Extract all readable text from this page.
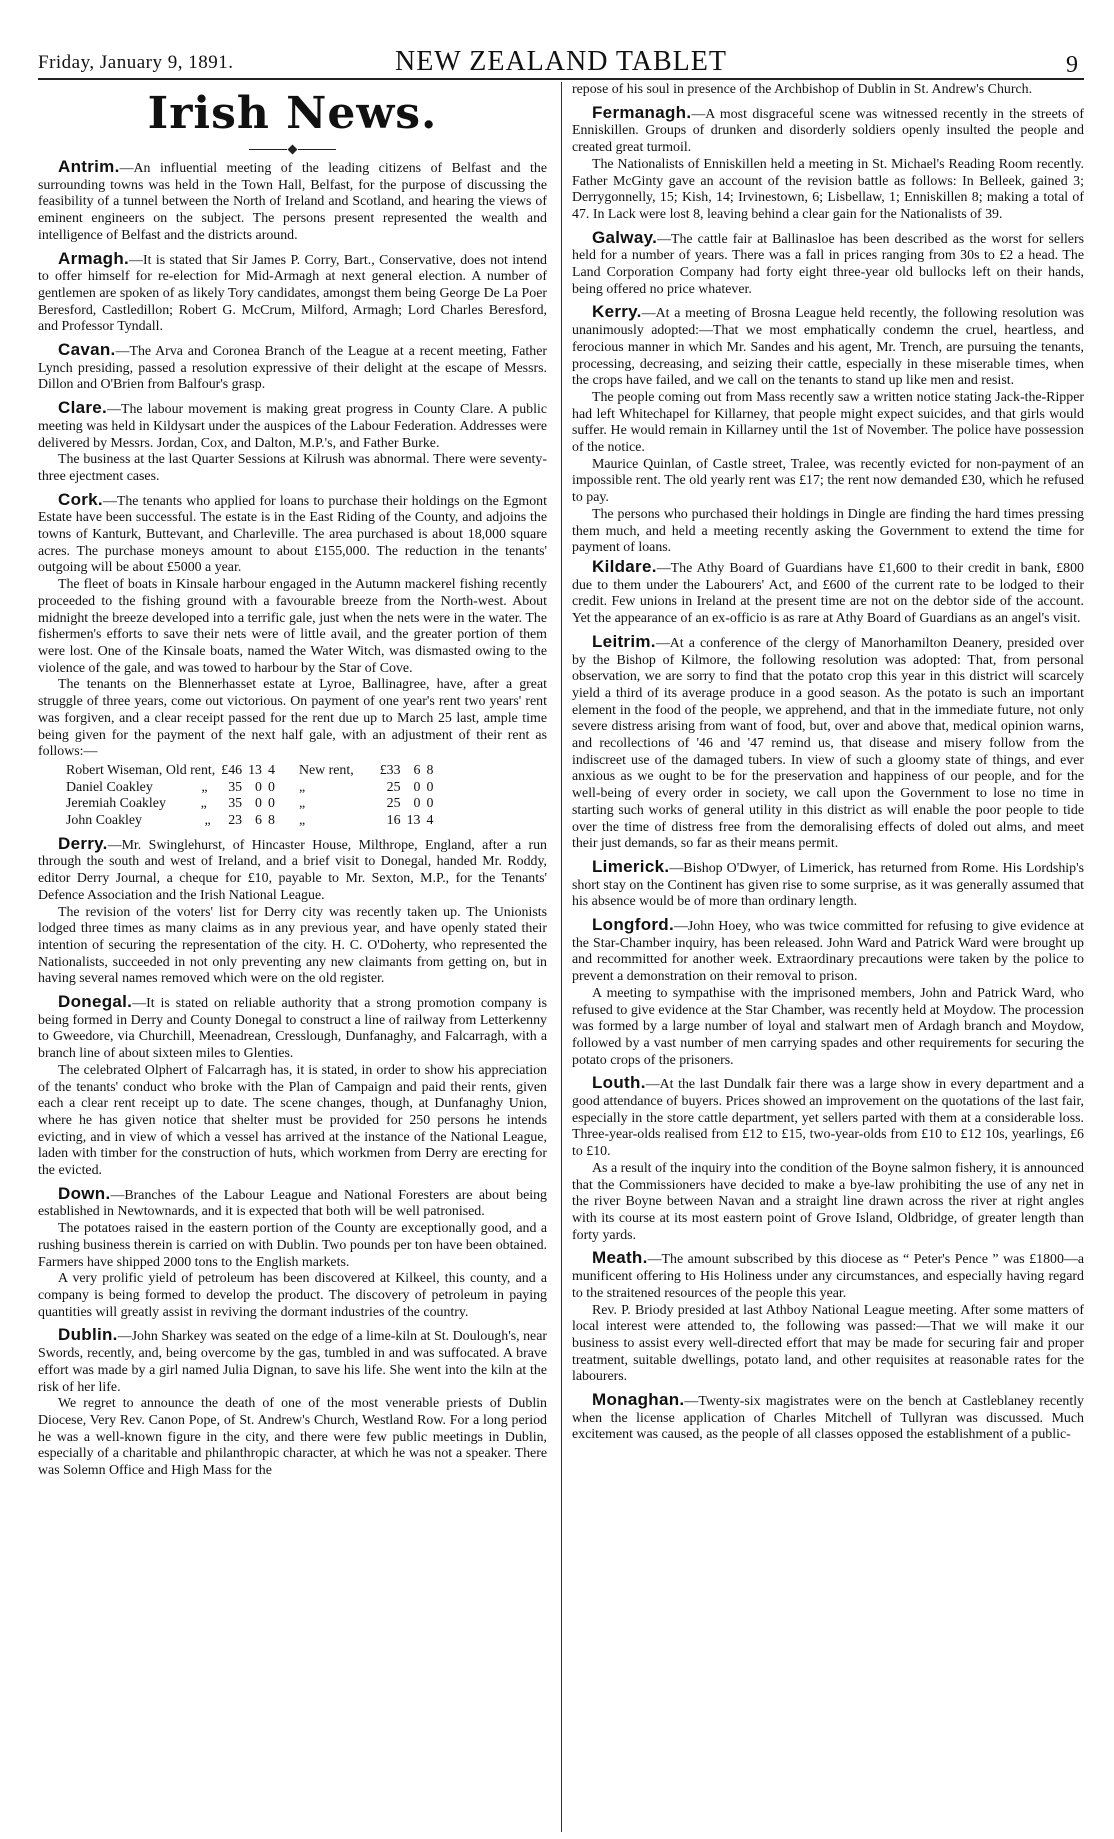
Friday, January 9, 1891.	NEW ZEALAND TABLET	9
Irish News.

Antrim.—An influential meeting of the leading citizens of Belfast and the surrounding towns was held in the Town Hall, Belfast, for the purpose of discussing the feasibility of a tunnel between the North of Ireland and Scotland, and hearing the views of eminent engineers on the subject. The persons present represented the wealth and intelligence of Belfast and the districts around.

Armagh.—It is stated that Sir James P. Corry, Bart., Conservative, does not intend to offer himself for re-election for Mid-Armagh at next general election. A number of gentlemen are spoken of as likely Tory candidates, amongst them being George De La Poer Beresford, Castledillon; Robert G. McCrum, Milford, Armagh; Lord Charles Beresford, and Professor Tyndall.

Cavan.—The Arva and Coronea Branch of the League at a recent meeting, Father Lynch presiding, passed a resolution expressive of their delight at the escape of Messrs. Dillon and O'Brien from Balfour's grasp.

Clare.—The labour movement is making great progress in County Clare. A public meeting was held in Kildysart under the auspices of the Labour Federation. Addresses were delivered by Messrs. Jordan, Cox, and Dalton, M.P.'s, and Father Burke.

The business at the last Quarter Sessions at Kilrush was abnormal. There were seventy-three ejectment cases.

Cork.—The tenants who applied for loans to purchase their holdings on the Egmont Estate have been successful. The estate is in the East Riding of the County, and adjoins the towns of Kanturk, Buttevant, and Charleville. The area purchased is about 18,000 square acres. The purchase moneys amount to about £155,000. The reduction in the tenants' outgoing will be about £5000 a year.

The fleet of boats in Kinsale harbour engaged in the Autumn mackerel fishing recently proceeded to the fishing ground with a favourable breeze from the North-west. About midnight the breeze developed into a terrific gale, just when the nets were in the water. The fishermen's efforts to save their nets were of little avail, and the greater portion of them were lost. One of the Kinsale boats, named the Water Witch, was dismasted owing to the violence of the gale, and was towed to harbour by the Star of Cove.

The tenants on the Blennerhasset estate at Lyroe, Ballinagree, have, after a great struggle of three years, come out victorious. On payment of one year's rent two years' rent was forgiven, and a clear receipt passed for the rent due up to March 25 last, ample time being given for the payment of the next half gale, with an adjustment of their rent as follows:—

Robert Wiseman, Old rent,	£46	13	4	New rent,	£33	6	8
Daniel Coakley „	35	0	0	„	25	0	0
Jeremiah Coakley „	35	0	0	„	25	0	0
John Coakley „	23	6	8	„	16	13	4

Derry.—Mr. Swinglehurst, of Hincaster House, Milthrope, England, after a run through the south and west of Ireland, and a brief visit to Donegal, handed Mr. Roddy, editor Derry Journal, a cheque for £10, payable to Mr. Sexton, M.P., for the Tenants' Defence Association and the Irish National League.

The revision of the voters' list for Derry city was recently taken up. The Unionists lodged three times as many claims as in any previous year, and have openly stated their intention of securing the representation of the city. H. C. O'Doherty, who represented the Nationalists, succeeded in not only preventing any new claimants from getting on, but in having several names removed which were on the old register.

Donegal.—It is stated on reliable authority that a strong promotion company is being formed in Derry and County Donegal to construct a line of railway from Letterkenny to Gweedore, via Churchill, Meenadrean, Cresslough, Dunfanaghy, and Falcarragh, with a branch line of about sixteen miles to Glenties.

The celebrated Olphert of Falcarragh has, it is stated, in order to show his appreciation of the tenants' conduct who broke with the Plan of Campaign and paid their rents, given each a clear rent receipt up to date. The scene changes, though, at Dunfanaghy Union, where he has given notice that shelter must be provided for 250 persons he intends evicting, and in view of which a vessel has arrived at the instance of the National League, laden with timber for the construction of huts, which workmen from Derry are erecting for the evicted.

Down.—Branches of the Labour League and National Foresters are about being established in Newtownards, and it is expected that both will be well patronised.

The potatoes raised in the eastern portion of the County are exceptionally good, and a rushing business therein is carried on with Dublin. Two pounds per ton have been obtained. Farmers have shipped 2000 tons to the English markets.

A very prolific yield of petroleum has been discovered at Kilkeel, this county, and a company is being formed to develop the product. The discovery of petroleum in paying quantities will greatly assist in reviving the dormant industries of the country.

Dublin.—John Sharkey was seated on the edge of a lime-kiln at St. Doulough's, near Swords, recently, and, being overcome by the gas, tumbled in and was suffocated. A brave effort was made by a girl named Julia Dignan, to save his life. She went into the kiln at the risk of her life.

We regret to announce the death of one of the most venerable priests of Dublin Diocese, Very Rev. Canon Pope, of St. Andrew's Church, Westland Row. For a long period he was a well-known figure in the city, and there were few public meetings in Dublin, especially of a charitable and philanthropic character, at which he was not a speaker. There was Solemn Office and High Mass for the

repose of his soul in presence of the Archbishop of Dublin in St. Andrew's Church.

Fermanagh.—A most disgraceful scene was witnessed recently in the streets of Enniskillen. Groups of drunken and disorderly soldiers openly insulted the people and created great turmoil.

The Nationalists of Enniskillen held a meeting in St. Michael's Reading Room recently. Father McGinty gave an account of the revision battle as follows: In Belleek, gained 3; Derrygonnelly, 15; Kish, 14; Irvinestown, 6; Lisbellaw, 1; Enniskillen 8; making a total of 47. In Lack were lost 8, leaving behind a clear gain for the Nationalists of 39.

Galway.—The cattle fair at Ballinasloe has been described as the worst for sellers held for a number of years. There was a fall in prices ranging from 30s to £2 a head. The Land Corporation Company had forty eight three-year old bullocks left on their hands, being offered no price whatever.

Kerry.—At a meeting of Brosna League held recently, the following resolution was unanimously adopted:—That we most emphatically condemn the cruel, heartless, and ferocious manner in which Mr. Sandes and his agent, Mr. Trench, are pursuing the tenants, processing, decreasing, and seizing their cattle, especially in these miserable times, when the crops have failed, and we call on the tenants to stand up like men and resist.

The people coming out from Mass recently saw a written notice stating Jack-the-Ripper had left Whitechapel for Killarney, that people might expect suicides, and that girls would suffer. He would remain in Killarney until the 1st of November. The police have possession of the notice.

Maurice Quinlan, of Castle street, Tralee, was recently evicted for non-payment of an impossible rent. The old yearly rent was £17; the rent now demanded £30, which he refused to pay.

The persons who purchased their holdings in Dingle are finding the hard times pressing them much, and held a meeting recently asking the Government to extend the time for payment of loans.

Kildare.—The Athy Board of Guardians have £1,600 to their credit in bank, £800 due to them under the Labourers' Act, and £600 of the current rate to be lodged to their credit. Few unions in Ireland at the present time are not on the debtor side of the account. Yet the appearance of an ex-officio is as rare at Athy Board of Guardians as an angel's visit.

Leitrim.—At a conference of the clergy of Manorhamilton Deanery, presided over by the Bishop of Kilmore, the following resolution was adopted: That, from personal observation, we are sorry to find that the potato crop this year in this district will scarcely yield a third of its average produce in a good season. As the potato is such an important element in the food of the people, we apprehend, and that in the immediate future, not only severe distress arising from want of food, but, over and above that, medical opinion warns, and recollections of '46 and '47 remind us, that disease and misery follow from the indiscreet use of the damaged tubers. In view of such a gloomy state of things, and ever anxious as we ought to be for the preservation and happiness of our people, and for the well-being of every order in society, we call upon the Government to lose no time in starting such works of general utility in this district as will enable the poor people to tide over the time of distress free from the demoralising effects of doled out alms, and meet their just demands, so far as their means permit.

Limerick.—Bishop O'Dwyer, of Limerick, has returned from Rome. His Lordship's short stay on the Continent has given rise to some surprise, as it was generally assumed that his absence would be of more than ordinary length.

Longford.—John Hoey, who was twice committed for refusing to give evidence at the Star-Chamber inquiry, has been released. John Ward and Patrick Ward were brought up and recommitted for another week. Extraordinary precautions were taken by the police to prevent a demonstration on their removal to prison.

A meeting to sympathise with the imprisoned members, John and Patrick Ward, who refused to give evidence at the Star Chamber, was recently held at Moydow. The procession was formed by a large number of loyal and stalwart men of Ardagh branch and Moydow, followed by a vast number of men carrying spades and other requirements for securing the potato crops of the prisoners.

Louth.—At the last Dundalk fair there was a large show in every department and a good attendance of buyers. Prices showed an improvement on the quotations of the last fair, especially in the store cattle department, yet sellers parted with them at a considerable loss. Three-year-olds realised from £12 to £15, two-year-olds from £10 to £12 10s, yearlings, £6 to £10.

As a result of the inquiry into the condition of the Boyne salmon fishery, it is announced that the Commissioners have decided to make a bye-law prohibiting the use of any net in the river Boyne between Navan and a straight line drawn across the river at right angles with its course at its most eastern point of Grove Island, Oldbridge, of greater length than forty yards.

Meath.—The amount subscribed by this diocese as “ Peter's Pence ” was £1800—a munificent offering to His Holiness under any circumstances, and especially having regard to the straitened resources of the people this year.

Rev. P. Briody presided at last Athboy National League meeting. After some matters of local interest were attended to, the following was passed:—That we will make it our business to assist every well-directed effort that may be made for securing fair and proper treatment, suitable dwellings, potato land, and other requisites at reasonable rates for the labourers.

Monaghan.—Twenty-six magistrates were on the bench at Castleblaney recently when the license application of Charles Mitchell of Tullyran was discussed. Much excitement was caused, as the people of all classes opposed the establishment of a public-
